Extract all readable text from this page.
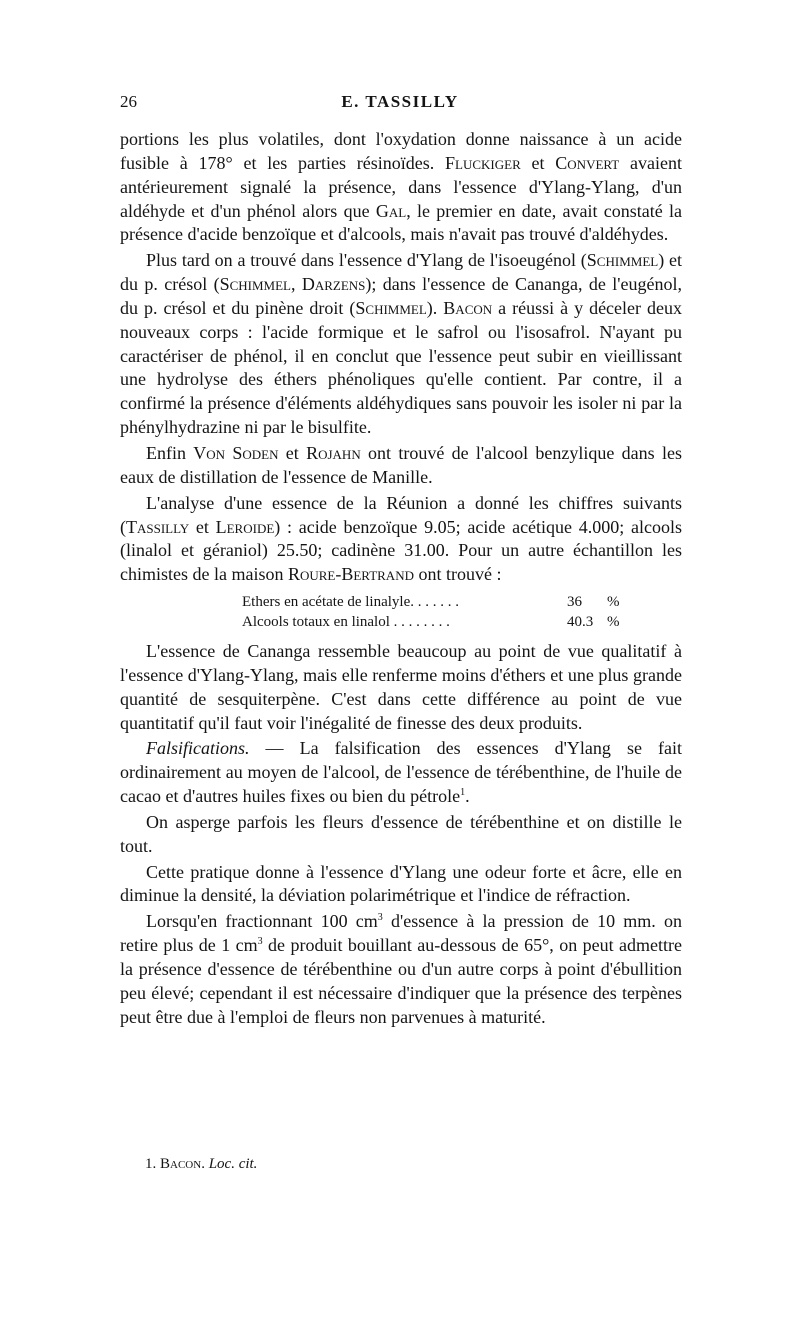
26	E. TASSILLY

portions les plus volatiles, dont l'oxydation donne naissance à un acide fusible à 178° et les parties résinoïdes. Fluckiger et Convert avaient antérieurement signalé la présence, dans l'essence d'Ylang-Ylang, d'un aldéhyde et d'un phénol alors que Gal, le premier en date, avait constaté la présence d'acide benzoïque et d'alcools, mais n'avait pas trouvé d'aldéhydes.

Plus tard on a trouvé dans l'essence d'Ylang de l'isoeugénol (Schimmel) et du p. crésol (Schimmel, Darzens); dans l'essence de Cananga, de l'eugénol, du p. crésol et du pinène droit (Schimmel). Bacon a réussi à y déceler deux nouveaux corps : l'acide formique et le safrol ou l'isosafrol. N'ayant pu caractériser de phénol, il en conclut que l'essence peut subir en vieillissant une hydrolyse des éthers phénoliques qu'elle contient. Par contre, il a confirmé la présence d'éléments aldéhydiques sans pouvoir les isoler ni par la phénylhydrazine ni par le bisulfite.

Enfin Von Soden et Rojahn ont trouvé de l'alcool benzylique dans les eaux de distillation de l'essence de Manille.

L'analyse d'une essence de la Réunion a donné les chiffres suivants (Tassilly et Leroide) : acide benzoïque 9.05; acide acétique 4.000; alcools (linalol et géraniol) 25.50; cadinène 31.00. Pour un autre échantillon les chimistes de la maison Roure-Bertrand ont trouvé :

Ethers en acétate de linalyle. . . . . . .	36	%
Alcools totaux en linalol . . . . . . . .	40.3 %

L'essence de Cananga ressemble beaucoup au point de vue qualitatif à l'essence d'Ylang-Ylang, mais elle renferme moins d'éthers et une plus grande quantité de sesquiterpène. C'est dans cette différence au point de vue quantitatif qu'il faut voir l'inégalité de finesse des deux produits.

Falsifications. — La falsification des essences d'Ylang se fait ordinairement au moyen de l'alcool, de l'essence de térébenthine, de l'huile de cacao et d'autres huiles fixes ou bien du pétrole$^1$.

On asperge parfois les fleurs d'essence de térébenthine et on distille le tout.

Cette pratique donne à l'essence d'Ylang une odeur forte et âcre, elle en diminue la densité, la déviation polarimétrique et l'indice de réfraction.

Lorsqu'en fractionnant 100 $cm^3$ d'essence à la pression de 10 mm. on retire plus de 1 $cm^3$ de produit bouillant au-dessous de 65°, on peut admettre la présence d'essence de térébenthine ou d'un autre corps à point d'ébullition peu élevé; cependant il est nécessaire d'indiquer que la présence des terpènes peut être due à l'emploi de fleurs non parvenues à maturité.

1. Bacon. Loc. cit.
